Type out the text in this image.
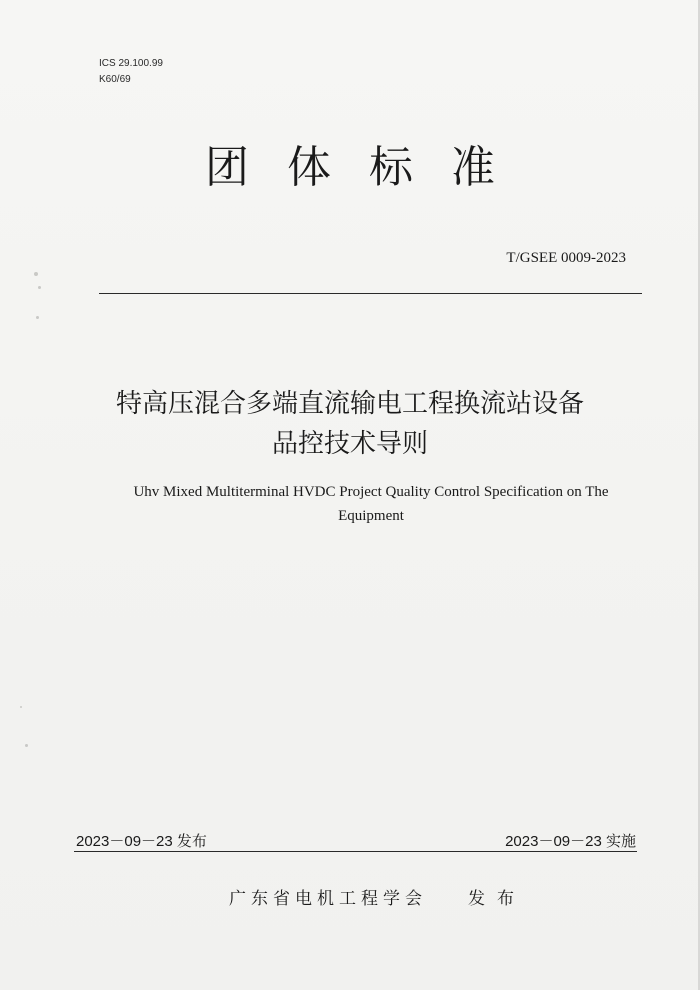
ICS 29.100.99
K60/69
团体标准
T/GSEE 0009-2023
特高压混合多端直流输电工程换流站设备
品控技术导则
Uhv Mixed Multiterminal HVDC Project Quality Control Specification on The
Equipment
2023－09－23 发布	2023－09－23 实施
广东省电机工程学会 发布
